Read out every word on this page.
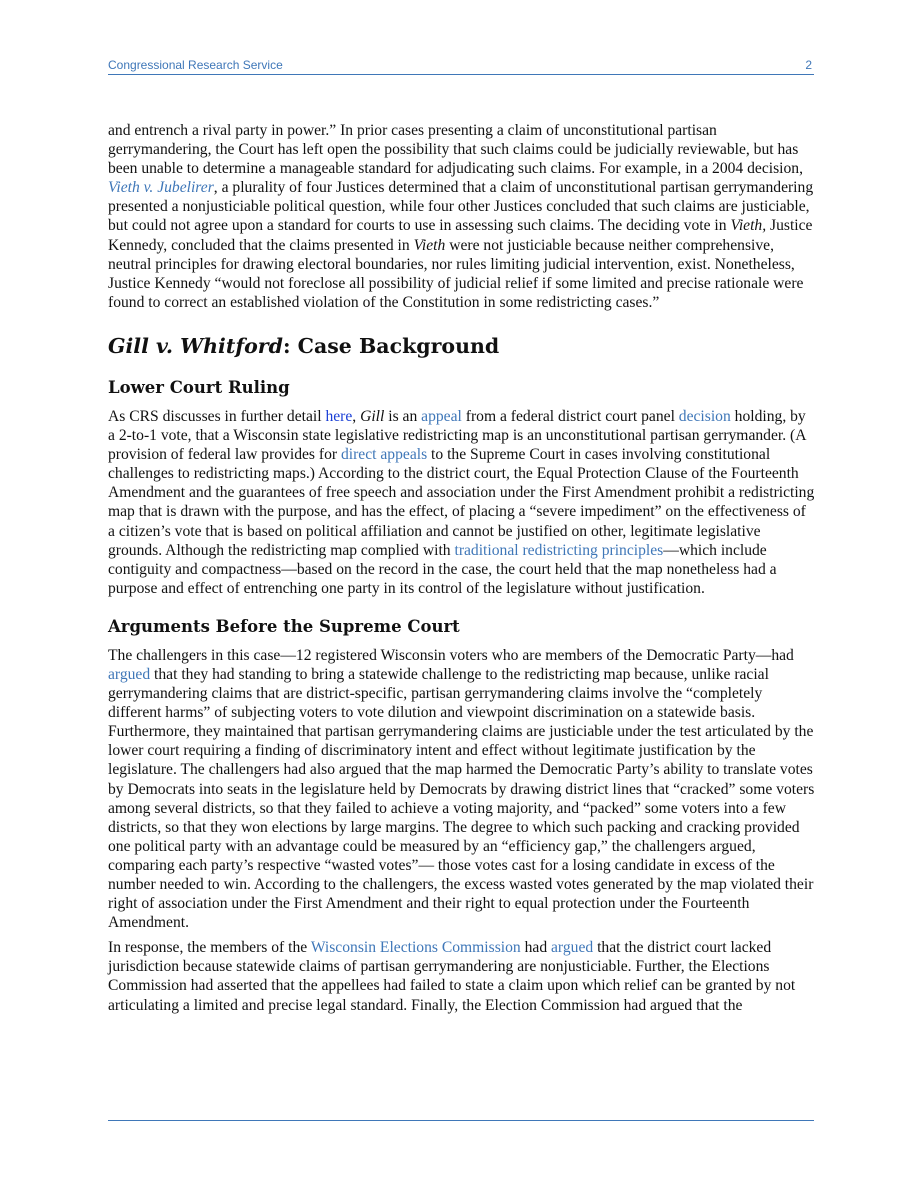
Congressional Research Service	2

and entrench a rival party in power.” In prior cases presenting a claim of unconstitutional partisan gerrymandering, the Court has left open the possibility that such claims could be judicially reviewable, but has been unable to determine a manageable standard for adjudicating such claims. For example, in a 2004 decision, Vieth v. Jubelirer, a plurality of four Justices determined that a claim of unconstitutional partisan gerrymandering presented a nonjusticiable political question, while four other Justices concluded that such claims are justiciable, but could not agree upon a standard for courts to use in assessing such claims. The deciding vote in Vieth, Justice Kennedy, concluded that the claims presented in Vieth were not justiciable because neither comprehensive, neutral principles for drawing electoral boundaries, nor rules limiting judicial intervention, exist. Nonetheless, Justice Kennedy “would not foreclose all possibility of judicial relief if some limited and precise rationale were found to correct an established violation of the Constitution in some redistricting cases.”

Gill v. Whitford: Case Background
Lower Court Ruling

As CRS discusses in further detail here, Gill is an appeal from a federal district court panel decision holding, by a 2-to-1 vote, that a Wisconsin state legislative redistricting map is an unconstitutional partisan gerrymander. (A provision of federal law provides for direct appeals to the Supreme Court in cases involving constitutional challenges to redistricting maps.) According to the district court, the Equal Protection Clause of the Fourteenth Amendment and the guarantees of free speech and association under the First Amendment prohibit a redistricting map that is drawn with the purpose, and has the effect, of placing a “severe impediment” on the effectiveness of a citizen’s vote that is based on political affiliation and cannot be justified on other, legitimate legislative grounds. Although the redistricting map complied with traditional redistricting principles—which include contiguity and compactness—based on the record in the case, the court held that the map nonetheless had a purpose and effect of entrenching one party in its control of the legislature without justification.

Arguments Before the Supreme Court

The challengers in this case—12 registered Wisconsin voters who are members of the Democratic Party—had argued that they had standing to bring a statewide challenge to the redistricting map because, unlike racial gerrymandering claims that are district-specific, partisan gerrymandering claims involve the “completely different harms” of subjecting voters to vote dilution and viewpoint discrimination on a statewide basis. Furthermore, they maintained that partisan gerrymandering claims are justiciable under the test articulated by the lower court requiring a finding of discriminatory intent and effect without legitimate justification by the legislature. The challengers had also argued that the map harmed the Democratic Party’s ability to translate votes by Democrats into seats in the legislature held by Democrats by drawing district lines that “cracked” some voters among several districts, so that they failed to achieve a voting majority, and “packed” some voters into a few districts, so that they won elections by large margins. The degree to which such packing and cracking provided one political party with an advantage could be measured by an “efficiency gap,” the challengers argued, comparing each party’s respective “wasted votes”— those votes cast for a losing candidate in excess of the number needed to win. According to the challengers, the excess wasted votes generated by the map violated their right of association under the First Amendment and their right to equal protection under the Fourteenth Amendment.

In response, the members of the Wisconsin Elections Commission had argued that the district court lacked jurisdiction because statewide claims of partisan gerrymandering are nonjusticiable. Further, the Elections Commission had asserted that the appellees had failed to state a claim upon which relief can be granted by not articulating a limited and precise legal standard. Finally, the Election Commission had argued that the
